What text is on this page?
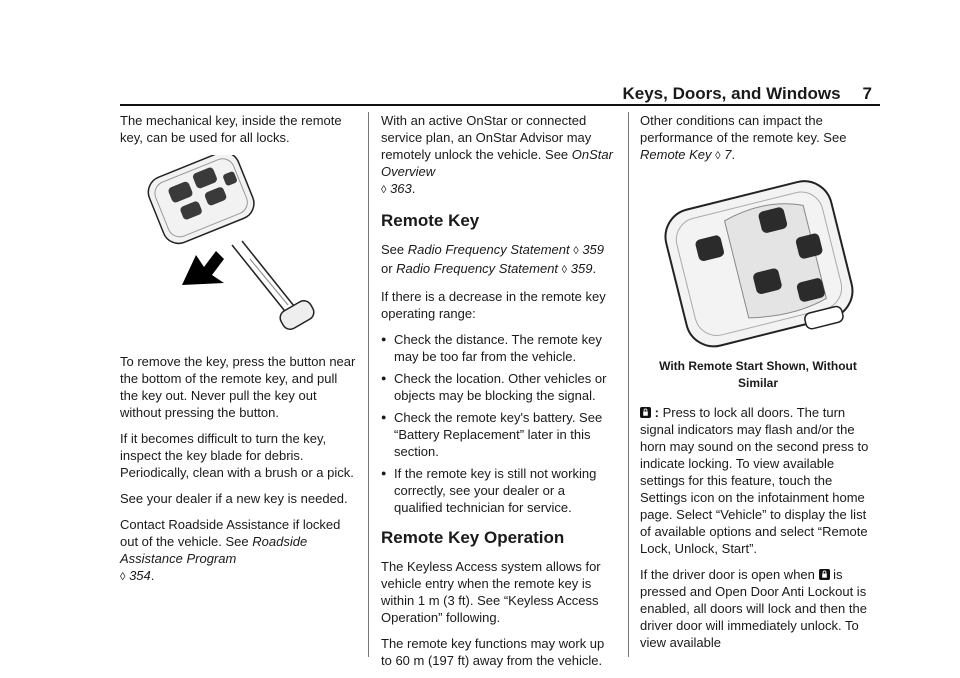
Keys, Doors, and Windows 7

The mechanical key, inside the remote key, can be used for all locks.

To remove the key, press the button near the bottom of the remote key, and pull the key out. Never pull the key out without pressing the button.

If it becomes difficult to turn the key, inspect the key blade for debris. Periodically, clean with a brush or a pick.

See your dealer if a new key is needed.

Contact Roadside Assistance if locked out of the vehicle. See Roadside Assistance Program
◊ 354.

With an active OnStar or connected service plan, an OnStar Advisor may remotely unlock the vehicle. See OnStar Overview
◊ 363.

Remote Key

See Radio Frequency Statement ◊ 359 or Radio Frequency Statement ◊ 359.

If there is a decrease in the remote key operating range:

● Check the distance. The remote key may be too far from the vehicle.
● Check the location. Other vehicles or objects may be blocking the signal.
● Check the remote key's battery. See “Battery Replacement” later in this section.
● If the remote key is still not working correctly, see your dealer or a qualified technician for service.
Remote Key Operation

The Keyless Access system allows for vehicle entry when the remote key is within 1 m (3 ft). See “Keyless Access Operation” following.

The remote key functions may work up to 60 m (197 ft) away from the vehicle.

Other conditions can impact the performance of the remote key. See Remote Key ◊ 7.

With Remote Start Shown, Without Similar

: Press to lock all doors. The turn signal indicators may flash and/or the horn may sound on the second press to indicate locking. To view available settings for this feature, touch the Settings icon on the infotainment home page. Select “Vehicle” to display the list of available options and select “Remote Lock, Unlock, Start”.

If the driver door is open when  is pressed and Open Door Anti Lockout is enabled, all doors will lock and then the driver door will immediately unlock. To view available
